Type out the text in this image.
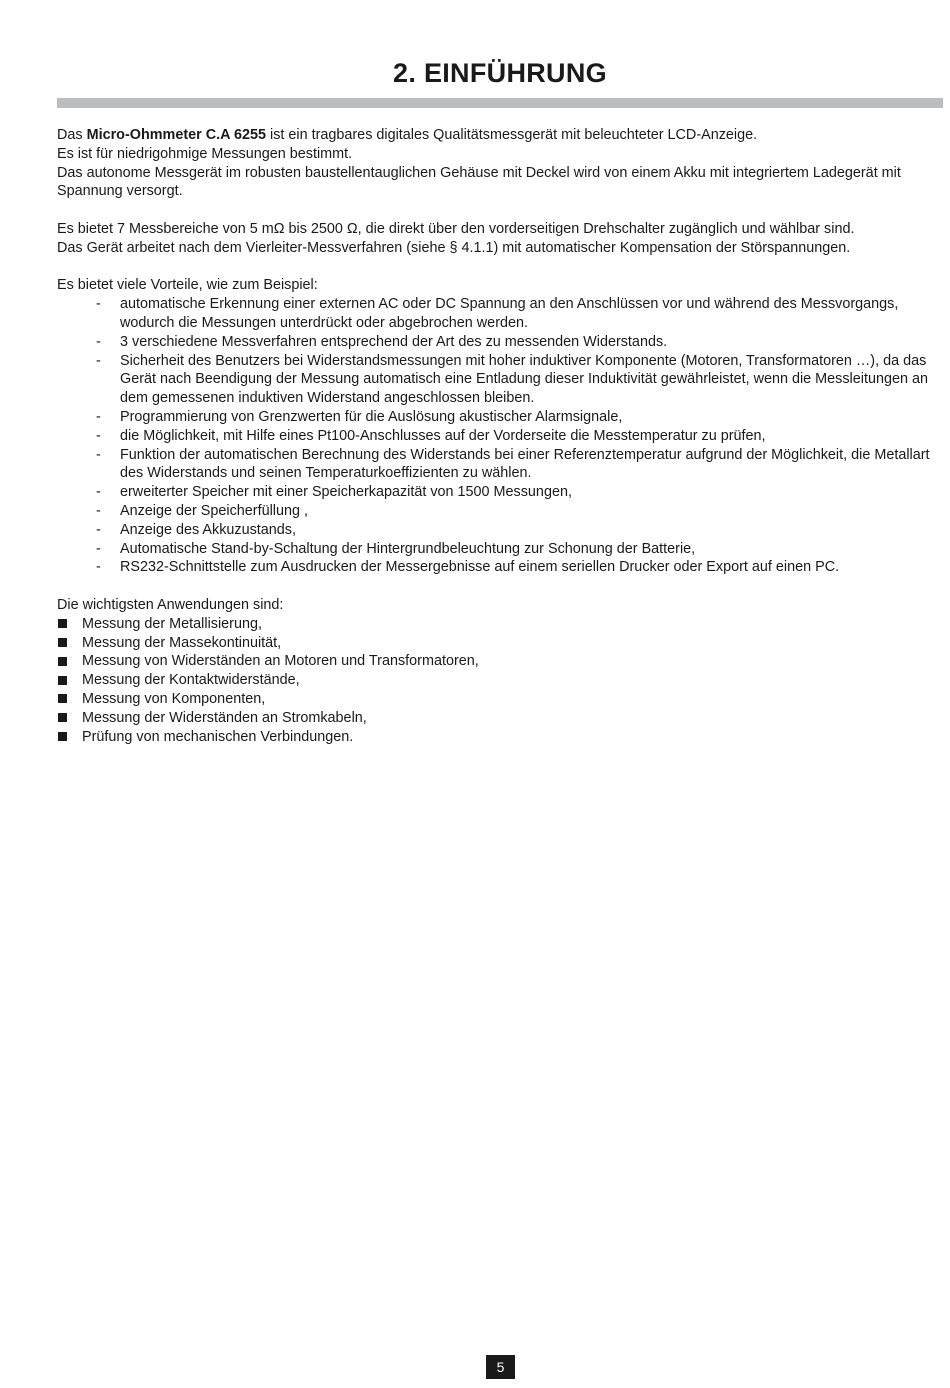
2. EINFÜHRUNG

Das Micro-Ohmmeter C.A 6255 ist ein tragbares digitales Qualitätsmessgerät mit beleuchteter LCD-Anzeige.

Es ist für niedrigohmige Messungen bestimmt.

Das autonome Messgerät im robusten baustellentauglichen Gehäuse mit Deckel wird von einem Akku mit integriertem Ladegerät mit Spannung versorgt.

Es bietet 7 Messbereiche von 5 mΩ bis 2500 Ω, die direkt über den vorderseitigen Drehschalter zugänglich und wählbar sind.

Das Gerät arbeitet nach dem Vierleiter-Messverfahren (siehe § 4.1.1) mit automatischer Kompensation der Störspannungen.

Es bietet viele Vorteile, wie zum Beispiel:

- automatische Erkennung einer externen AC oder DC Spannung an den Anschlüssen vor und während des Messvorgangs, wodurch die Messungen unterdrückt oder abgebrochen werden.
- 3 verschiedene Messverfahren entsprechend der Art des zu messenden Widerstands.
- Sicherheit des Benutzers bei Widerstandsmessungen mit hoher induktiver Komponente (Motoren, Transformatoren …), da das Gerät nach Beendigung der Messung automatisch eine Entladung dieser Induktivität gewährleistet, wenn die Messleitungen an dem gemessenen induktiven Widerstand angeschlossen bleiben.
- Programmierung von Grenzwerten für die Auslösung akustischer Alarmsignale,
- die Möglichkeit, mit Hilfe eines Pt100-Anschlusses auf der Vorderseite die Messtemperatur zu prüfen,
- Funktion der automatischen Berechnung des Widerstands bei einer Referenztemperatur aufgrund der Möglichkeit, die Metallart des Widerstands und seinen Temperaturkoeffizienten zu wählen.
- erweiterter Speicher mit einer Speicherkapazität von 1500 Messungen,
- Anzeige der Speicherfüllung ,
- Anzeige des Akkuzustands,
- Automatische Stand-by-Schaltung der Hintergrundbeleuchtung zur Schonung der Batterie,
- RS232-Schnittstelle zum Ausdrucken der Messergebnisse auf einem seriellen Drucker oder Export auf einen PC.

Die wichtigsten Anwendungen sind:

Messung der Metallisierung,
Messung der Massekontinuität,
Messung von Widerständen an Motoren und Transformatoren,
Messung der Kontaktwiderstände,
Messung von Komponenten,
Messung der Widerständen an Stromkabeln,
Prüfung von mechanischen Verbindungen.
5
